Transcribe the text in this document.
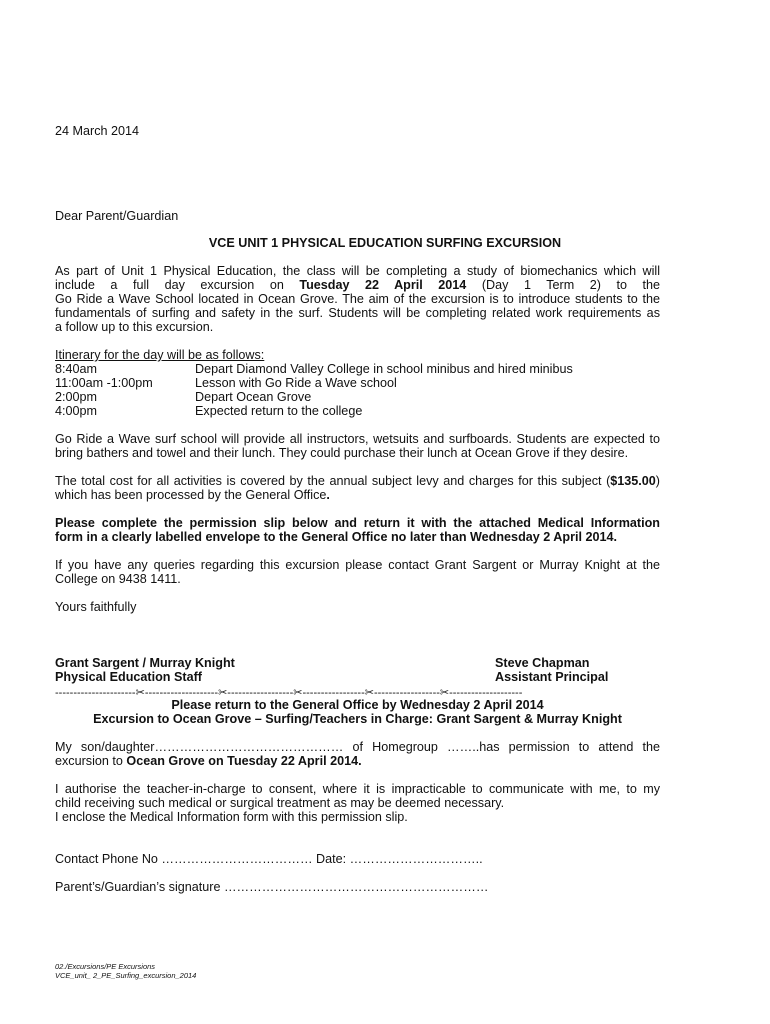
24 March 2014
Dear Parent/Guardian
VCE UNIT 1 PHYSICAL EDUCATION SURFING EXCURSION
As part of Unit 1 Physical Education, the class will be completing a study of biomechanics which will
include a full day excursion on Tuesday 22 April 2014 (Day 1 Term 2) to the
Go Ride a Wave School located in Ocean Grove. The aim of the excursion is to introduce students to the
fundamentals of surfing and safety in the surf. Students will be completing related work requirements as
a follow up to this excursion.
Itinerary for the day will be as follows:
8:40am	Depart Diamond Valley College in school minibus and hired minibus
11:00am -1:00pm	Lesson with Go Ride a Wave school
2:00pm	Depart Ocean Grove
4:00pm	Expected return to the college
Go Ride a Wave surf school will provide all instructors, wetsuits and surfboards. Students are expected to
bring bathers and towel and their lunch. They could purchase their lunch at Ocean Grove if they desire.
The total cost for all activities is covered by the annual subject levy and charges for this subject ($135.00)
which has been processed by the General Office.
Please complete the permission slip below and return it with the attached Medical Information
form in a clearly labelled envelope to the General Office no later than Wednesday 2 April 2014.
If you have any queries regarding this excursion please contact Grant Sargent or Murray Knight at the
College on 9438 1411.
Yours faithfully
Grant Sargent / Murray Knight
Physical Education Staff
Steve Chapman
Assistant Principal
----------------------✂--------------------✂------------------✂-----------------✂------------------✂--------------------
Please return to the General Office by Wednesday 2 April 2014
Excursion to Ocean Grove – Surfing/Teachers in Charge: Grant Sargent & Murray Knight
My son/daughter……………………………………… of Homegroup ……..has permission to attend the
excursion to Ocean Grove on Tuesday 22 April 2014.
I authorise the teacher-in-charge to consent, where it is impracticable to communicate with me, to my
child receiving such medical or surgical treatment as may be deemed necessary.
I enclose the Medical Information form with this permission slip.
Contact Phone No ……………………………… Date: …………………………..
Parent’s/Guardian’s signature ………………………………………………………
02./Excursions/PE Excursions
VCE_unit_ 2_PE_Surfing_excursion_2014
